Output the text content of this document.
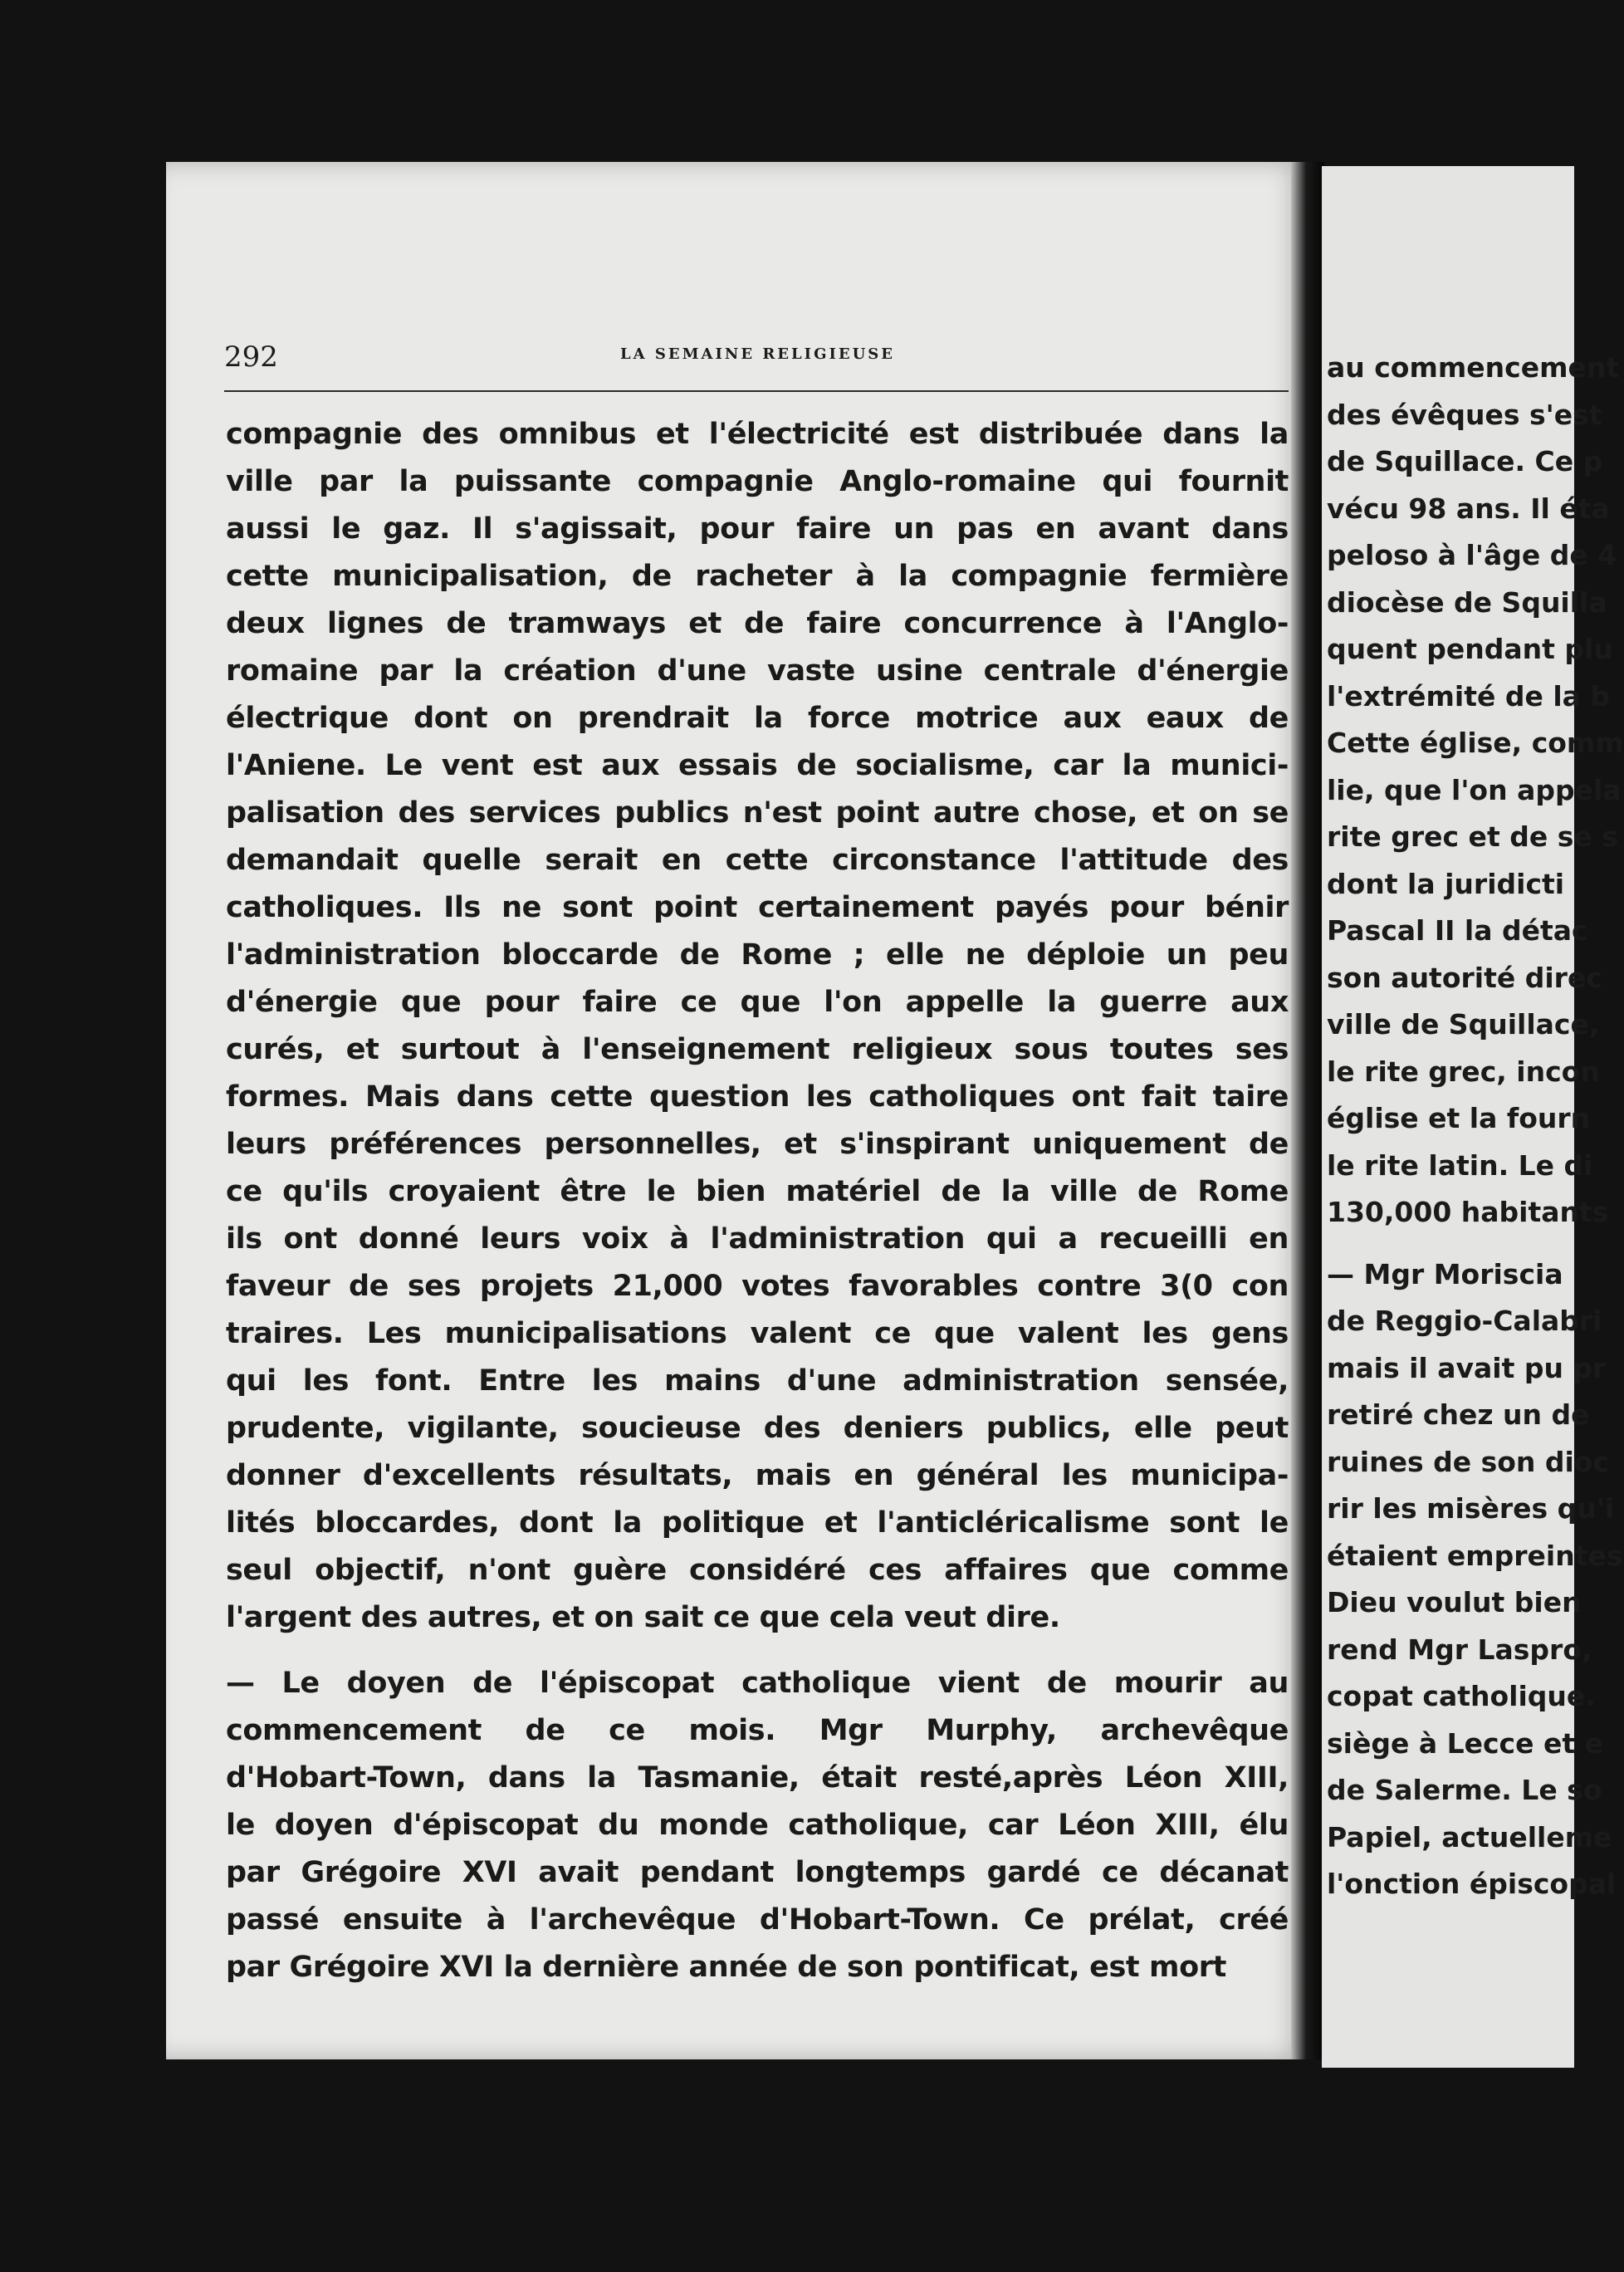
292	LA SEMAINE RELIGIEUSE
compagnie des omnibus et l'électricité est distribuée dans la
ville par la puissante compagnie Anglo-romaine qui fournit
aussi le gaz. Il s'agissait, pour faire un pas en avant dans
cette municipalisation, de racheter à la compagnie fermière
deux lignes de tramways et de faire concurrence à l'Anglo-
romaine par la création d'une vaste usine centrale d'énergie
électrique dont on prendrait la force motrice aux eaux de
l'Aniene. Le vent est aux essais de socialisme, car la munici-
palisation des services publics n'est point autre chose, et on se
demandait quelle serait en cette circonstance l'attitude des
catholiques. Ils ne sont point certainement payés pour bénir
l'administration bloccarde de Rome ; elle ne déploie un peu
d'énergie que pour faire ce que l'on appelle la guerre aux
curés, et surtout à l'enseignement religieux sous toutes ses
formes. Mais dans cette question les catholiques ont fait taire
leurs préférences personnelles, et s'inspirant uniquement de
ce qu'ils croyaient être le bien matériel de la ville de Rome
ils ont donné leurs voix à l'administration qui a recueilli en
faveur de ses projets 21,000 votes favorables contre 3(0 con
traires. Les municipalisations valent ce que valent les gens
qui les font. Entre les mains d'une administration sensée,
prudente, vigilante, soucieuse des deniers publics, elle peut
donner d'excellents résultats, mais en général les municipa-
lités bloccardes, dont la politique et l'anticléricalisme sont le
seul objectif, n'ont guère considéré ces affaires que comme
l'argent des autres, et on sait ce que cela veut dire.
— Le doyen de l'épiscopat catholique vient de mourir au
commencement de ce mois. Mgr Murphy, archevêque
d'Hobart-Town, dans la Tasmanie, était resté,après Léon XIII,
le doyen d'épiscopat du monde catholique, car Léon XIII, élu
par Grégoire XVI avait pendant longtemps gardé ce décanat
passé ensuite à l'archevêque d'Hobart-Town. Ce prélat, créé
par Grégoire XVI la dernière année de son pontificat, est mort
au commencement
des évêques s'est
de Squillace. Ce p
vécu 98 ans. Il éta
peloso à l'âge de 4
diocèse de Squilla
quent pendant plu
l'extrémité de la b
Cette église, comm
lie, que l'on appela
rite grec et de se s
dont la juridicti
Pascal II la détac
son autorité direc
ville de Squillace,
le rite grec, incon
église et la fourn
le rite latin. Le di
130,000 habitants
— Mgr Moriscia
de Reggio-Calabri
mais il avait pu pr
retiré chez un de
ruines de son dioc
rir les misères qu'i
étaient empreintes
Dieu voulut bien
rend Mgr Laspro,
copat catholique.
siège à Lecce et e
de Salerme. Le so
Papiel, actuelleme
l'onction épiscopal
